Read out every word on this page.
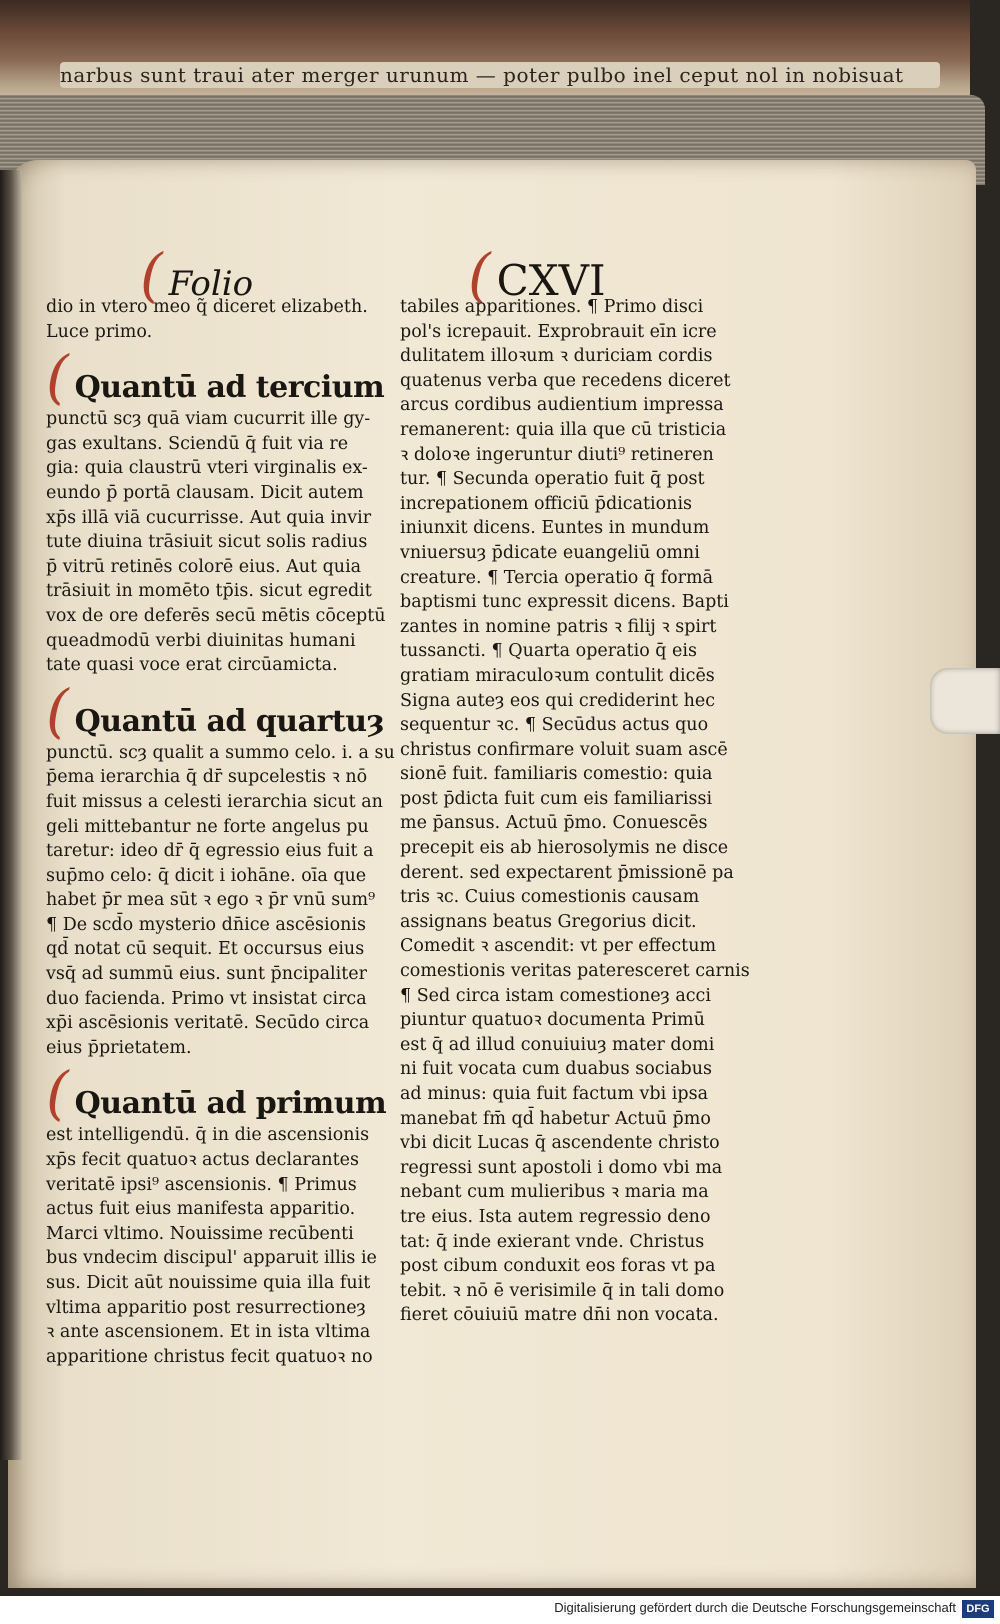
narbus sunt traui ater merger urunum — poter pulbo inel ceput nol in nobisuat
( Folio	( CXVI
dio in vtero meo q̃ diceret elizabeth.
Luce primo.
( Quantū ad tercium
punctū scȝ quā viam cucurrit ille gy-
gas exultans. Sciendū q̄ fuit via re
gia: quia claustrū vteri virginalis ex-
eundo p̄ portā clausam. Dicit autem
xp̄s illā viā cucurrisse. Aut quia invir
tute diuina trāsiuit sicut solis radius
p̄ vitrū retinēs colorē eius. Aut quia
trāsiuit in momēto tp̄is. sicut egredit
vox de ore deferēs secū mētis cōceptū
queadmodū verbi diuinitas humani
tate quasi voce erat circūamicta.
( Quantū ad quartuȝ
punctū. scȝ qualit a summo celo. i. a su
p̄ema ierarchia q̄ dr̄ supcelestis ꝛ nō
fuit missus a celesti ierarchia sicut an
geli mittebantur ne forte angelus pu
taretur: ideo dr̄ q̄ egressio eius fuit a
sup̄mo celo: q̄ dicit i iohāne. oīa que
habet p̄r mea sūt ꝛ ego ꝛ p̄r vnū sum⁹
¶ De scd̄o mysterio dn̄ice ascēsionis
qd̄ notat cū sequit. Et occursus eius
vsq̄ ad summū eius. sunt p̄ncipaliter
duo facienda. Primo vt insistat circa
xp̄i ascēsionis veritatē. Secūdo circa
eius p̄prietatem.
( Quantū ad primum
est intelligendū. q̄ in die ascensionis
xp̄s fecit quatuoꝛ actus declarantes
veritatē ipsi⁹ ascensionis. ¶ Primus
actus fuit eius manifesta apparitio.
Marci vltimo. Nouissime recūbenti
bus vndecim discipul' apparuit illis ie
sus. Dicit aūt nouissime quia illa fuit
vltima apparitio post resurrectioneȝ
ꝛ ante ascensionem. Et in ista vltima
apparitione christus fecit quatuoꝛ no
tabiles apparitiones. ¶ Primo disci
pol's icrepauit. Exprobrauit eīn icre
dulitatem illoꝛum ꝛ duriciam cordis
quatenus verba que recedens diceret
arcus cordibus audientium impressa
remanerent: quia illa que cū tristicia
ꝛ doloꝛe ingeruntur diuti⁹ retineren
tur. ¶ Secunda operatio fuit q̄ post
increpationem officiū p̄dicationis
iniunxit dicens. Euntes in mundum
vniuersuȝ p̄dicate euangeliū omni
creature. ¶ Tercia operatio q̄ formā
baptismi tunc expressit dicens. Bapti
zantes in nomine patris ꝛ filij ꝛ spirt
tussancti. ¶ Quarta operatio q̄ eis
gratiam miraculoꝛum contulit dicēs
Signa auteȝ eos qui crediderint hec
sequentur ꝛc. ¶ Secūdus actus quo
christus confirmare voluit suam ascē
sionē fuit. familiaris comestio: quia
post p̄dicta fuit cum eis familiarissi
me p̄ansus. Actuū p̄mo. Conuescēs
precepit eis ab hierosolymis ne disce
derent. sed expectarent p̄missionē pa
tris ꝛc. Cuius comestionis causam
assignans beatus Gregorius dicit.
Comedit ꝛ ascendit: vt per effectum
comestionis veritas pateresceret carnis
¶ Sed circa istam comestioneȝ acci
piuntur quatuoꝛ documenta Primū
est q̄ ad illud conuiuiuȝ mater domi
ni fuit vocata cum duabus sociabus
ad minus: quia fuit factum vbi ipsa
manebat fm̄ qd̄ habetur Actuū p̄mo
vbi dicit Lucas q̄ ascendente christo
regressi sunt apostoli i domo vbi ma
nebant cum mulieribus ꝛ maria ma
tre eius. Ista autem regressio deno
tat: q̄ inde exierant vnde. Christus
post cibum conduxit eos foras vt pa
tebit. ꝛ nō ē verisimile q̄ in tali domo
fieret cōuiuiū matre dn̄i non vocata.
Digitalisierung gefördert durch die Deutsche Forschungsgemeinschaft DFG
